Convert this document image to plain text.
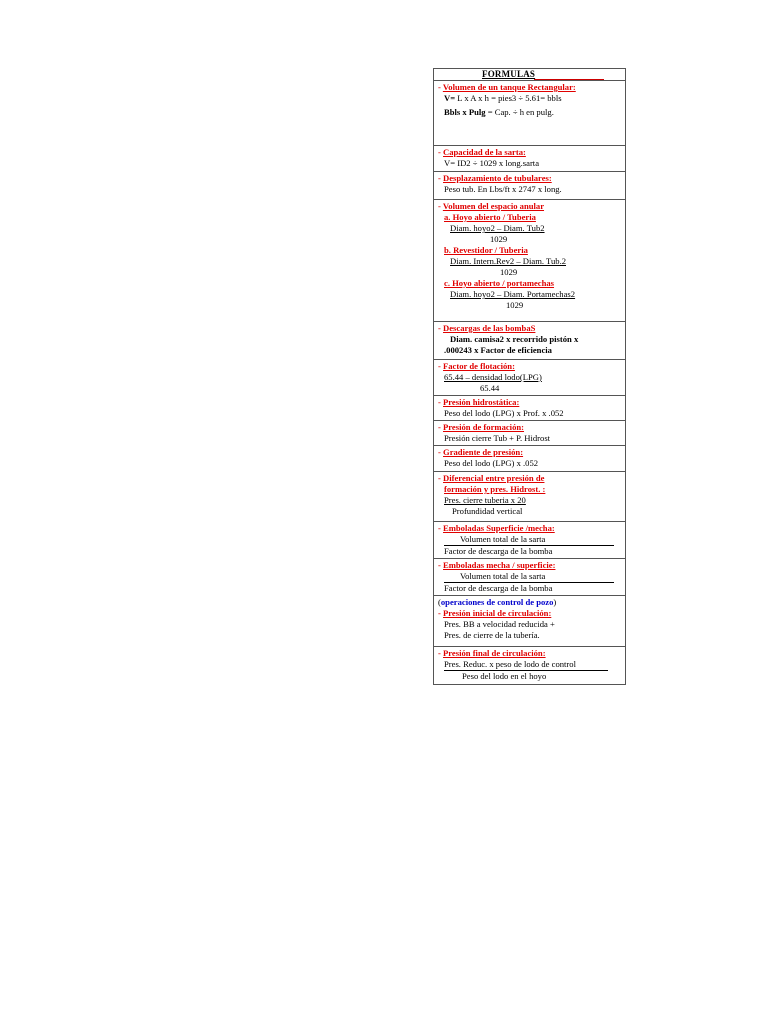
FORMULAS
- Volumen de un tanque Rectangular:
V= L x A x h = pies3 ÷ 5.61= bbls
Bbls x Pulg = Cap. ÷ h en pulg.
- Capacidad de la sarta:
V= ID2 ÷ 1029 x long.sarta
- Desplazamiento de tubulares:
Peso tub. En Lbs/ft x 2747 x long.
- Volumen del espacio anular
a. Hoyo abierto / Tuberia
Diam. hoyo2 – Diam. Tub2
1029
b. Revestidor / Tuberia
Diam. Intern.Rev2 – Diam. Tub.2
1029
c. Hoyo abierto / portamechas
Diam. hoyo2 – Diam. Portamechas2
1029
- Descargas de las bombaS
Diam. camisa2 x recorrido pistón x
.000243 x Factor de eficiencia
- Factor de flotación:
65.44 – densidad lodo(LPG)
65.44
- Presión hidrostática:
Peso del lodo (LPG) x Prof. x .052
- Presión de formación:
Presión cierre Tub + P. Hidrost
- Gradiente de presión:
Peso del lodo (LPG) x .052
- Diferencial entre presión de
formación y pres. Hidrost. :
Pres. cierre tuberia x 20
Profundidad vertical
- Emboladas Superficie /mecha:
Volumen total de la sarta
Factor de descarga de la bomba
- Emboladas mecha / superficie:
Volumen total de la sarta
Factor de descarga de la bomba
(operaciones de control de pozo)
- Presión inicial de circulación:
Pres. BB a velocidad reducida +
Pres. de cierre de la tubería.
- Presión final de circulación:
Pres. Reduc. x peso de lodo de control
Peso del lodo en el hoyo
